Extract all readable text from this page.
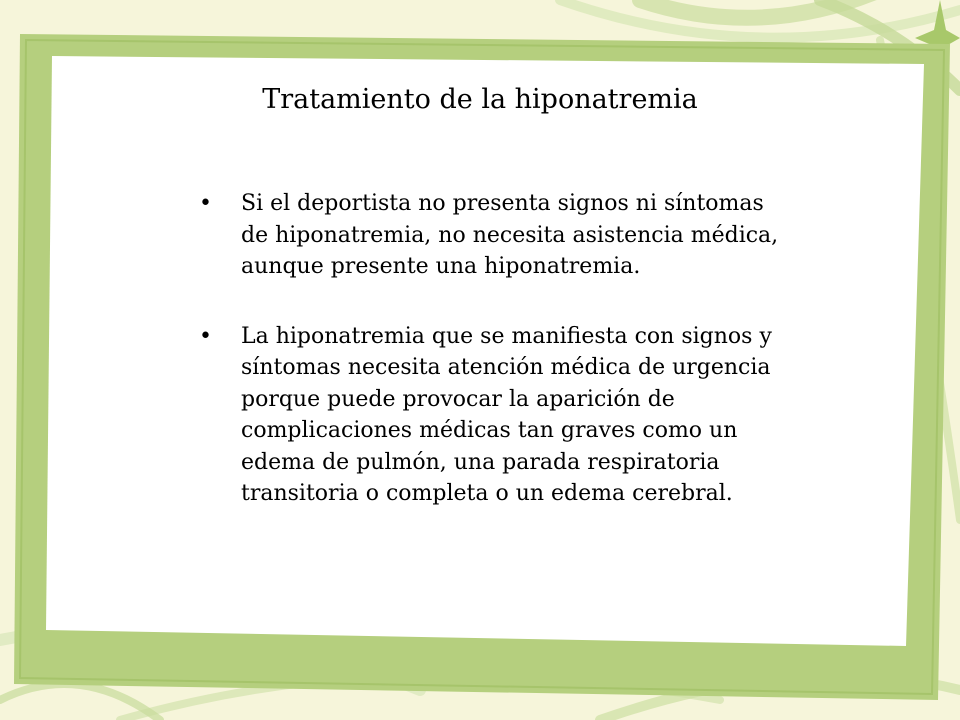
Tratamiento de la hiponatremia
• Si el deportista no presenta signos ni síntomas de hiponatremia, no necesita asistencia médica, aunque presente una hiponatremia.
• La hiponatremia que se manifiesta con signos y síntomas necesita atención médica de urgencia porque puede provocar la aparición de complicaciones médicas tan graves como un edema de pulmón, una parada respiratoria transitoria o completa o un edema cerebral.
